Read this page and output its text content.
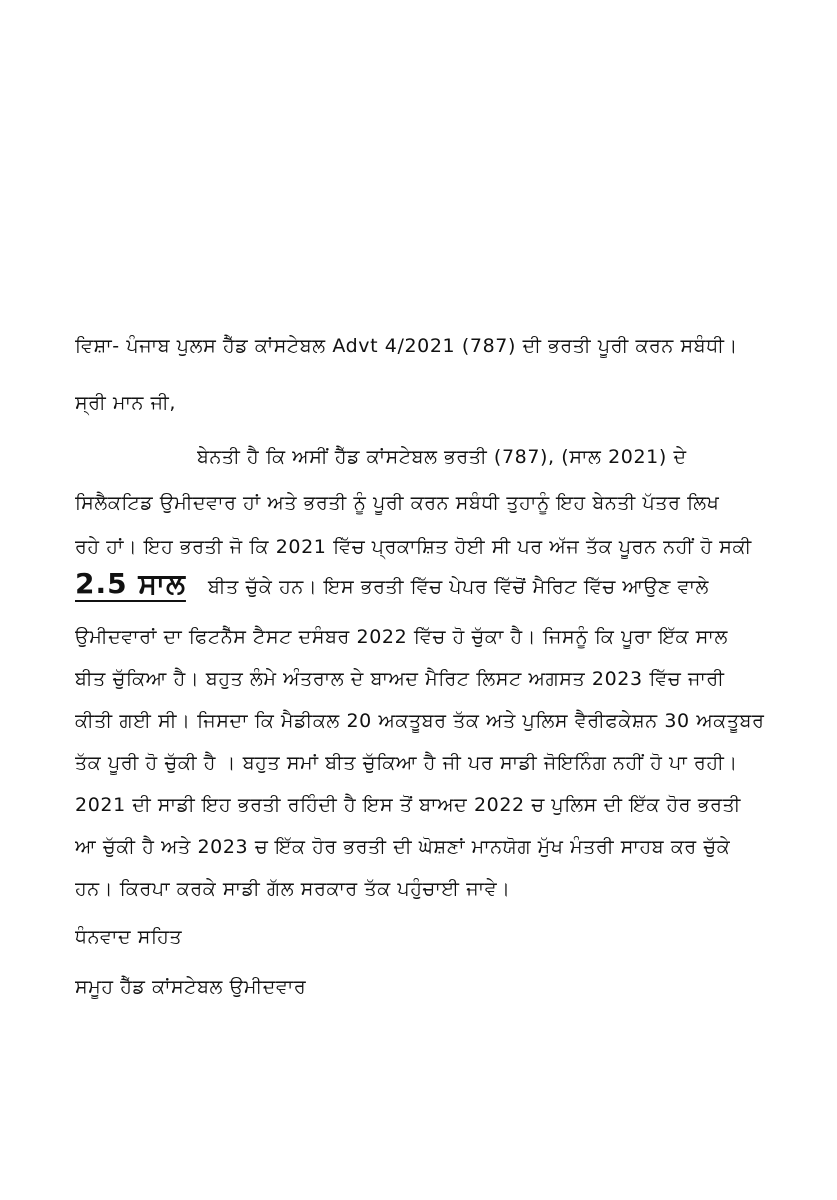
ਵਿਸ਼ਾ- ਪੰਜਾਬ ਪੁਲਸ ਹੈੱਡ ਕਾਂਸਟੇਬਲ Advt 4/2021 (787) ਦੀ ਭਰਤੀ ਪੂਰੀ ਕਰਨ ਸਬੰਧੀ।
ਸ੍ਰੀ ਮਾਨ ਜੀ,
ਬੇਨਤੀ ਹੈ ਕਿ ਅਸੀਂ ਹੈੱਡ ਕਾਂਸਟੇਬਲ ਭਰਤੀ (787), (ਸਾਲ 2021) ਦੇ
ਸਿਲੈਕਟਿਡ ਉਮੀਦਵਾਰ ਹਾਂ ਅਤੇ ਭਰਤੀ ਨੂੰ ਪੂਰੀ ਕਰਨ ਸਬੰਧੀ ਤੁਹਾਨੂੰ ਇਹ ਬੇਨਤੀ ਪੱਤਰ ਲਿਖ
ਰਹੇ ਹਾਂ। ਇਹ ਭਰਤੀ ਜੋ ਕਿ 2021 ਵਿੱਚ ਪ੍ਰਕਾਸ਼ਿਤ ਹੋਈ ਸੀ ਪਰ ਅੱਜ ਤੱਕ ਪੂਰਨ ਨਹੀਂ ਹੋ ਸਕੀ
2.5 ਸਾਲ ਬੀਤ ਚੁੱਕੇ ਹਨ। ਇਸ ਭਰਤੀ ਵਿੱਚ ਪੇਪਰ ਵਿੱਚੋਂ ਮੈਰਿਟ ਵਿੱਚ ਆਉਣ ਵਾਲੇ
ਉਮੀਦਵਾਰਾਂ ਦਾ ਫਿਟਨੈੱਸ ਟੈਸਟ ਦਸੰਬਰ 2022 ਵਿੱਚ ਹੋ ਚੁੱਕਾ ਹੈ। ਜਿਸਨੂੰ ਕਿ ਪੂਰਾ ਇੱਕ ਸਾਲ
ਬੀਤ ਚੁੱਕਿਆ ਹੈ। ਬਹੁਤ ਲੰਮੇ ਅੰਤਰਾਲ ਦੇ ਬਾਅਦ ਮੈਰਿਟ ਲਿਸਟ ਅਗਸਤ 2023 ਵਿੱਚ ਜਾਰੀ
ਕੀਤੀ ਗਈ ਸੀ। ਜਿਸਦਾ ਕਿ ਮੈਡੀਕਲ 20 ਅਕਤੂਬਰ ਤੱਕ ਅਤੇ ਪੁਲਿਸ ਵੈਰੀਫਕੇਸ਼ਨ 30 ਅਕਤੂਬਰ
ਤੱਕ ਪੂਰੀ ਹੋ ਚੁੱਕੀ ਹੈ । ਬਹੁਤ ਸਮਾਂ ਬੀਤ ਚੁੱਕਿਆ ਹੈ ਜੀ ਪਰ ਸਾਡੀ ਜੋਇਨਿੰਗ ਨਹੀਂ ਹੋ ਪਾ ਰਹੀ।
2021 ਦੀ ਸਾਡੀ ਇਹ ਭਰਤੀ ਰਹਿੰਦੀ ਹੈ ਇਸ ਤੋਂ ਬਾਅਦ 2022 ਚ ਪੁਲਿਸ ਦੀ ਇੱਕ ਹੋਰ ਭਰਤੀ
ਆ ਚੁੱਕੀ ਹੈ ਅਤੇ 2023 ਚ ਇੱਕ ਹੋਰ ਭਰਤੀ ਦੀ ਘੋਸ਼ਣਾਂ ਮਾਨਯੋਗ ਮੁੱਖ ਮੰਤਰੀ ਸਾਹਬ ਕਰ ਚੁੱਕੇ
ਹਨ। ਕਿਰਪਾ ਕਰਕੇ ਸਾਡੀ ਗੱਲ ਸਰਕਾਰ ਤੱਕ ਪਹੁੰਚਾਈ ਜਾਵੇ।
ਧੰਨਵਾਦ ਸਹਿਤ
ਸਮੂਹ ਹੈੱਡ ਕਾਂਸਟੇਬਲ ਉਮੀਦਵਾਰ
